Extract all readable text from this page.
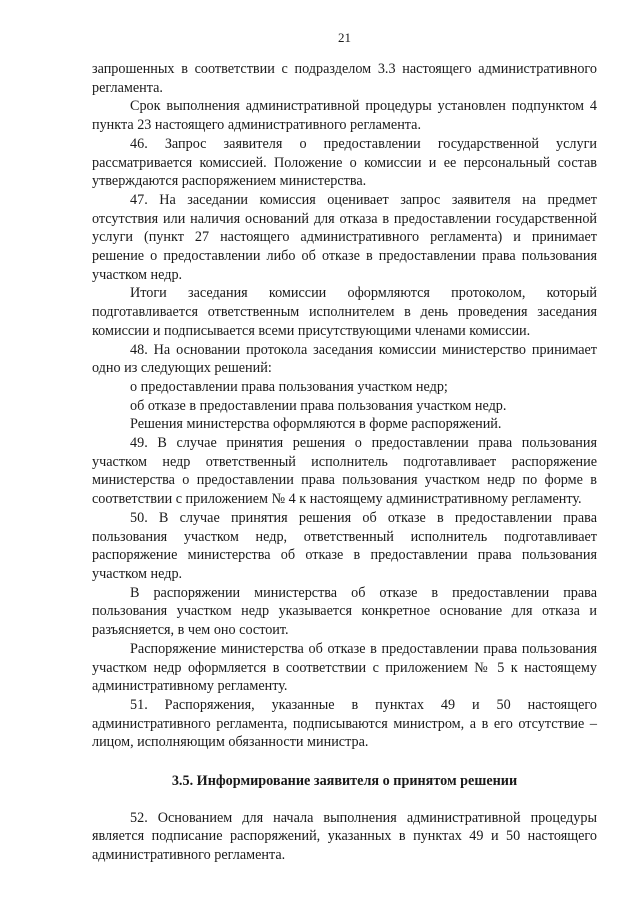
21

запрошенных в соответствии с подразделом 3.3 настоящего административного регламента.

Срок выполнения административной процедуры установлен подпунктом 4 пункта 23 настоящего административного регламента.

46. Запрос заявителя о предоставлении государственной услуги рассматривается комиссией. Положение о комиссии и ее персональный состав утверждаются распоряжением министерства.

47. На заседании комиссия оценивает запрос заявителя на предмет отсутствия или наличия оснований для отказа в предоставлении государственной услуги (пункт 27 настоящего административного регламента) и принимает решение о предоставлении либо об отказе в предоставлении права пользования участком недр.

Итоги заседания комиссии оформляются протоколом, который подготавливается ответственным исполнителем в день проведения заседания комиссии и подписывается всеми присутствующими членами комиссии.

48. На основании протокола заседания комиссии министерство принимает одно из следующих решений:

о предоставлении права пользования участком недр;

об отказе в предоставлении права пользования участком недр.

Решения министерства оформляются в форме распоряжений.

49. В случае принятия решения о предоставлении права пользования участком недр ответственный исполнитель подготавливает распоряжение министерства о предоставлении права пользования участком недр по форме в соответствии с приложением № 4 к настоящему административному регламенту.

50. В случае принятия решения об отказе в предоставлении права пользования участком недр, ответственный исполнитель подготавливает распоряжение министерства об отказе в предоставлении права пользования участком недр.

В распоряжении министерства об отказе в предоставлении права пользования участком недр указывается конкретное основание для отказа и разъясняется, в чем оно состоит.

Распоряжение министерства об отказе в предоставлении права пользования участком недр оформляется в соответствии с приложением № 5 к настоящему административному регламенту.

51. Распоряжения, указанные в пунктах 49 и 50 настоящего административного регламента, подписываются министром, а в его отсутствие – лицом, исполняющим обязанности министра.

3.5. Информирование заявителя о принятом решении

52. Основанием для начала выполнения административной процедуры является подписание распоряжений, указанных в пунктах 49 и 50 настоящего административного регламента.
